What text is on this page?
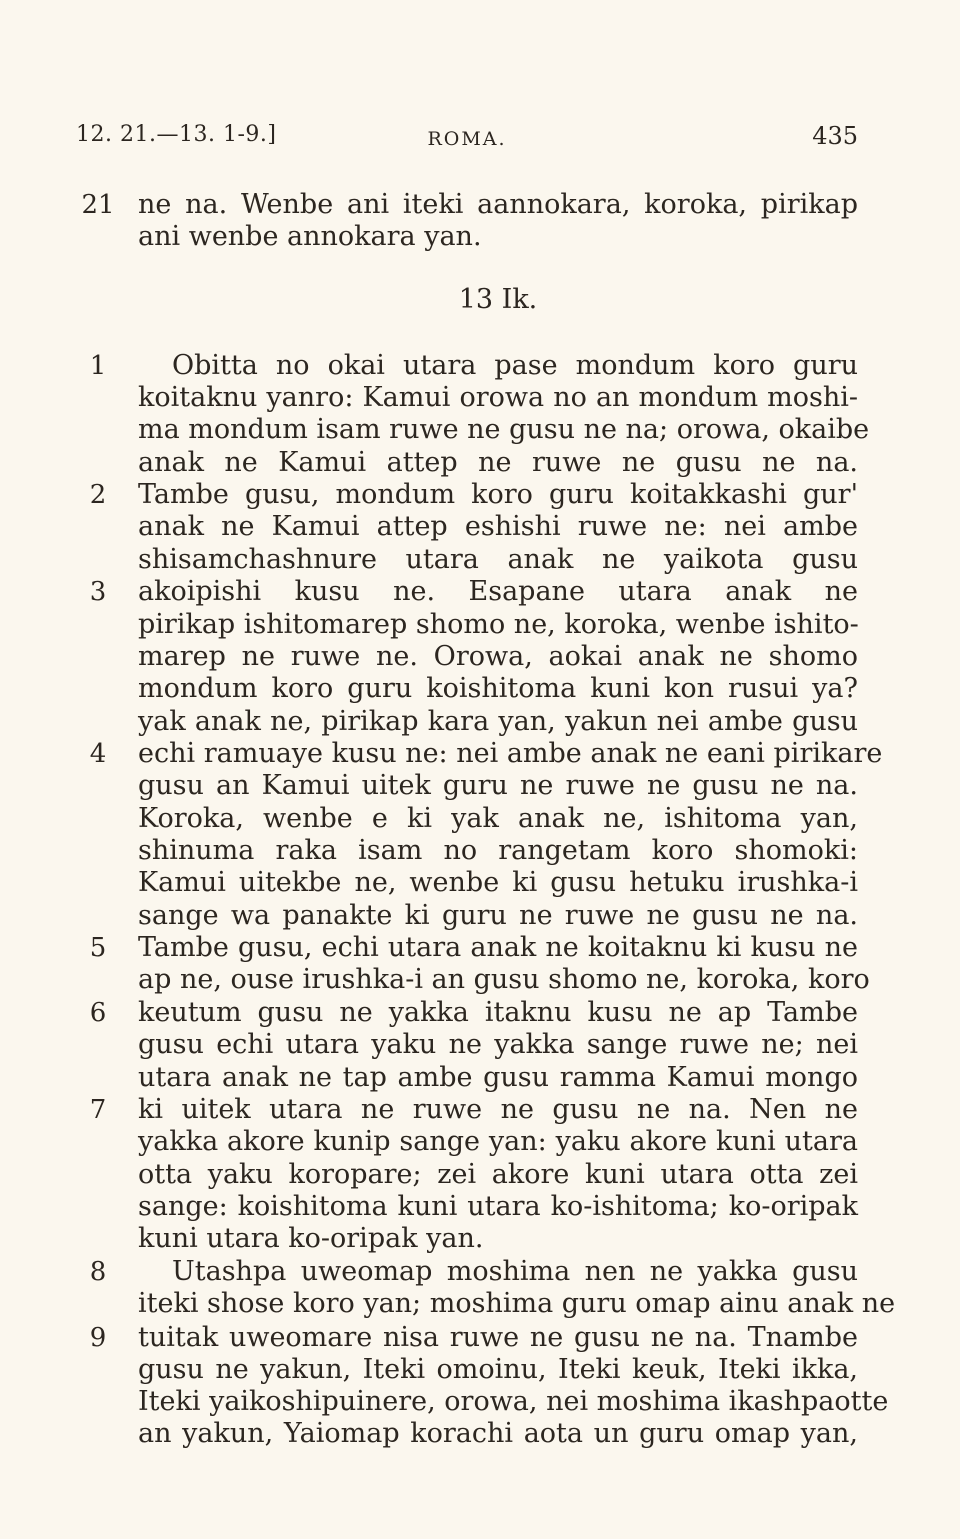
12. 21.—13. 1-9.]	ROMA.	435
21
1
2
3
4
5
6
7
8
9
ne na. Wenbe ani iteki aannokara, koroka, pirikap
ani wenbe annokara yan.
13 Ik.
Obitta no okai utara pase mondum koro guru
koitaknu yanro: Kamui orowa no an mondum moshi-
ma mondum isam ruwe ne gusu ne na; orowa, okaibe
anak ne Kamui attep ne ruwe ne gusu ne na.
Tambe gusu, mondum koro guru koitakkashi gur'
anak ne Kamui attep eshishi ruwe ne: nei ambe
shisamchashnure utara anak ne yaikota gusu
akoipishi kusu ne. Esapane utara anak ne
pirikap ishitomarep shomo ne, koroka, wenbe ishito-
marep ne ruwe ne. Orowa, aokai anak ne shomo
mondum koro guru koishitoma kuni kon rusui ya?
yak anak ne, pirikap kara yan, yakun nei ambe gusu
echi ramuaye kusu ne: nei ambe anak ne eani pirikare
gusu an Kamui uitek guru ne ruwe ne gusu ne na.
Koroka, wenbe e ki yak anak ne, ishitoma yan,
shinuma raka isam no rangetam koro shomoki:
Kamui uitekbe ne, wenbe ki gusu hetuku irushka-i
sange wa panakte ki guru ne ruwe ne gusu ne na.
Tambe gusu, echi utara anak ne koitaknu ki kusu ne
ap ne, ouse irushka-i an gusu shomo ne, koroka, koro
keutum gusu ne yakka itaknu kusu ne ap Tambe
gusu echi utara yaku ne yakka sange ruwe ne; nei
utara anak ne tap ambe gusu ramma Kamui mongo
ki uitek utara ne ruwe ne gusu ne na. Nen ne
yakka akore kunip sange yan: yaku akore kuni utara
otta yaku koropare; zei akore kuni utara otta zei
sange: koishitoma kuni utara ko-ishitoma; ko-oripak
kuni utara ko-oripak yan.
Utashpa uweomap moshima nen ne yakka gusu
iteki shose koro yan; moshima guru omap ainu anak ne
tuitak uweomare nisa ruwe ne gusu ne na. Tnambe
gusu ne yakun, Iteki omoinu, Iteki keuk, Iteki ikka,
Iteki yaikoshipuinere, orowa, nei moshima ikashpaotte
an yakun, Yaiomap korachi aota un guru omap yan,
